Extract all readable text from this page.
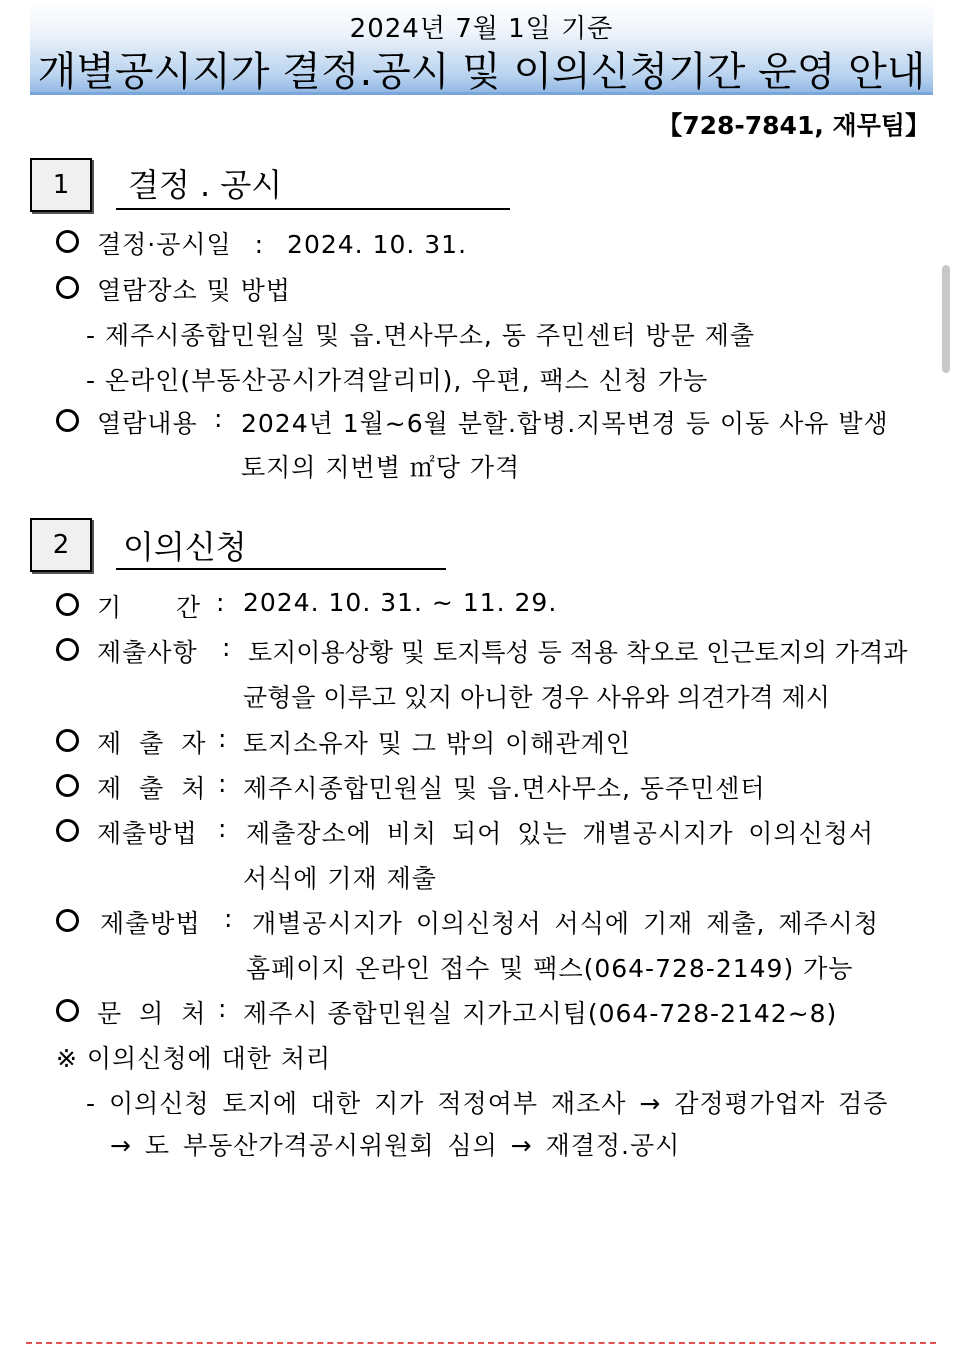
2024년 7월 1일 기준
개별공시지가 결정.공시 및 이의신청기간 운영 안내
【728-7841, 재무팀】
1	결정 . 공시
결정·공시일 : 2024. 10. 31.
열람장소 및 방법
- 제주시종합민원실 및 읍.면사무소, 동 주민센터 방문 제출
- 온라인(부동산공시가격알리미), 우편, 팩스 신청 가능
열람내용 : 2024년 1월~6월 분할.합병.지목변경 등 이동 사유 발생
토지의 지번별 ㎡당 가격
2	이의신청
기      간 : 2024. 10. 31. ~ 11. 29.
제출사항 : 토지이용상황 및 토지특성 등 적용 착오로 인근토지의 가격과
균형을 이루고 있지 아니한 경우 사유와 의견가격 제시
제 출 자 : 토지소유자 및 그 밖의 이해관계인
제 출 처 : 제주시종합민원실 및 읍.면사무소, 동주민센터
제출방법 : 제출장소에 비치 되어 있는 개별공시지가 이의신청서
서식에 기재 제출
제출방법 : 개별공시지가 이의신청서 서식에 기재 제출, 제주시청
홈페이지 온라인 접수 및 팩스(064-728-2149) 가능
문 의 처 : 제주시 종합민원실 지가고시팀(064-728-2142~8)
※ 이의신청에 대한 처리
- 이의신청 토지에 대한 지가 적정여부 재조사 → 감정평가업자 검증
→ 도 부동산가격공시위원회 심의 → 재결정.공시
